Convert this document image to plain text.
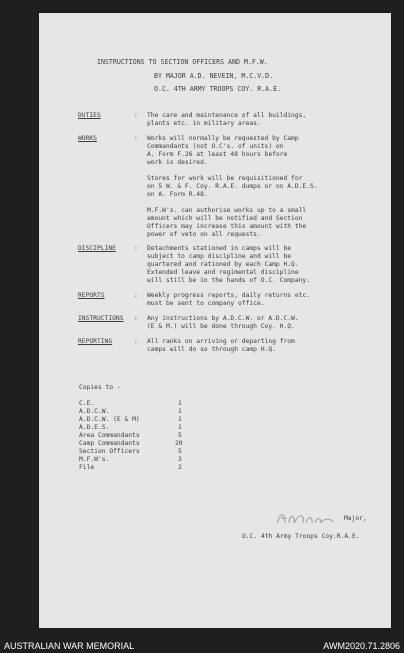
INSTRUCTIONS TO SECTION OFFICERS AND M.F.W.
BY MAJOR A.D. NEVEIN, M.C.V.D.
O.C. 4TH ARMY TROOPS COY. R.A.E.
DUTIES	: The care and maintenance of all buildings,
plants etc. in military areas.
WORKS	: Works will normally be requested by Camp
Commandants (not O.C's. of units) on
A. Form F.26 at least 48 hours before
work is desired.
Stores for work will be requisitioned for
on 5 W. & F. Coy. R.A.E. dumps or on A.D.E.S.
on A. Form R.48.
M.F.W's. can authorise works up to a small
amount which will be notified and Section
Officers may increase this amount with the
power of veto on all requests.
DISCIPLINE	: Detachments stationed in camps will be
subject to camp discipline and will be
quartered and rationed by each Camp H.Q.
Extended leave and regimental discipline
will still be in the hands of O.C. Company.
REPORTS	: Weekly progress reports, daily returns etc.
must be sent to company office.
INSTRUCTIONS : Any instructions by A.D.C.W. or A.D.C.W.
(E & M.) will be done through Coy. H.Q.
REPORTING	: All ranks on arriving or departing from
camps will do so through camp H.Q.
Copies to -
C.E.	1
A.D.C.W.	1
A.D.C.W. (E & M)	1
A.D.E.S.	1
Area Commandants	5
Camp Commandants	20
Section Officers	5
M.F.W's.	3
File	2

Major,
O.C. 4th Army Troops Coy.R.A.E.
AUSTRALIAN WAR MEMORIAL	AWM2020.71.2806
